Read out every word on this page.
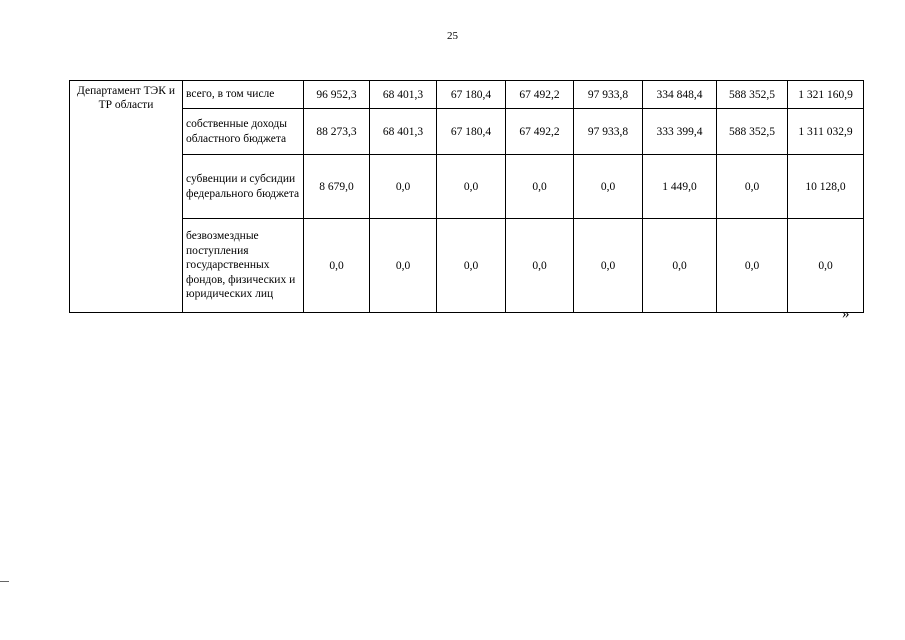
25
Департамент ТЭК и ТР области	всего, в том числе	96 952,3	68 401,3	67 180,4	67 492,2	97 933,8	334 848,4	588 352,5	1 321 160,9
	собственные доходы областного бюджета	88 273,3	68 401,3	67 180,4	67 492,2	97 933,8	333 399,4	588 352,5	1 311 032,9
	субвенции и субсидии федерального бюджета	8 679,0	0,0	0,0	0,0	0,0	1 449,0	0,0	10 128,0
	безвозмездные поступления государственных фондов, физических и юридических лиц	0,0	0,0	0,0	0,0	0,0	0,0	0,0	0,0
»
